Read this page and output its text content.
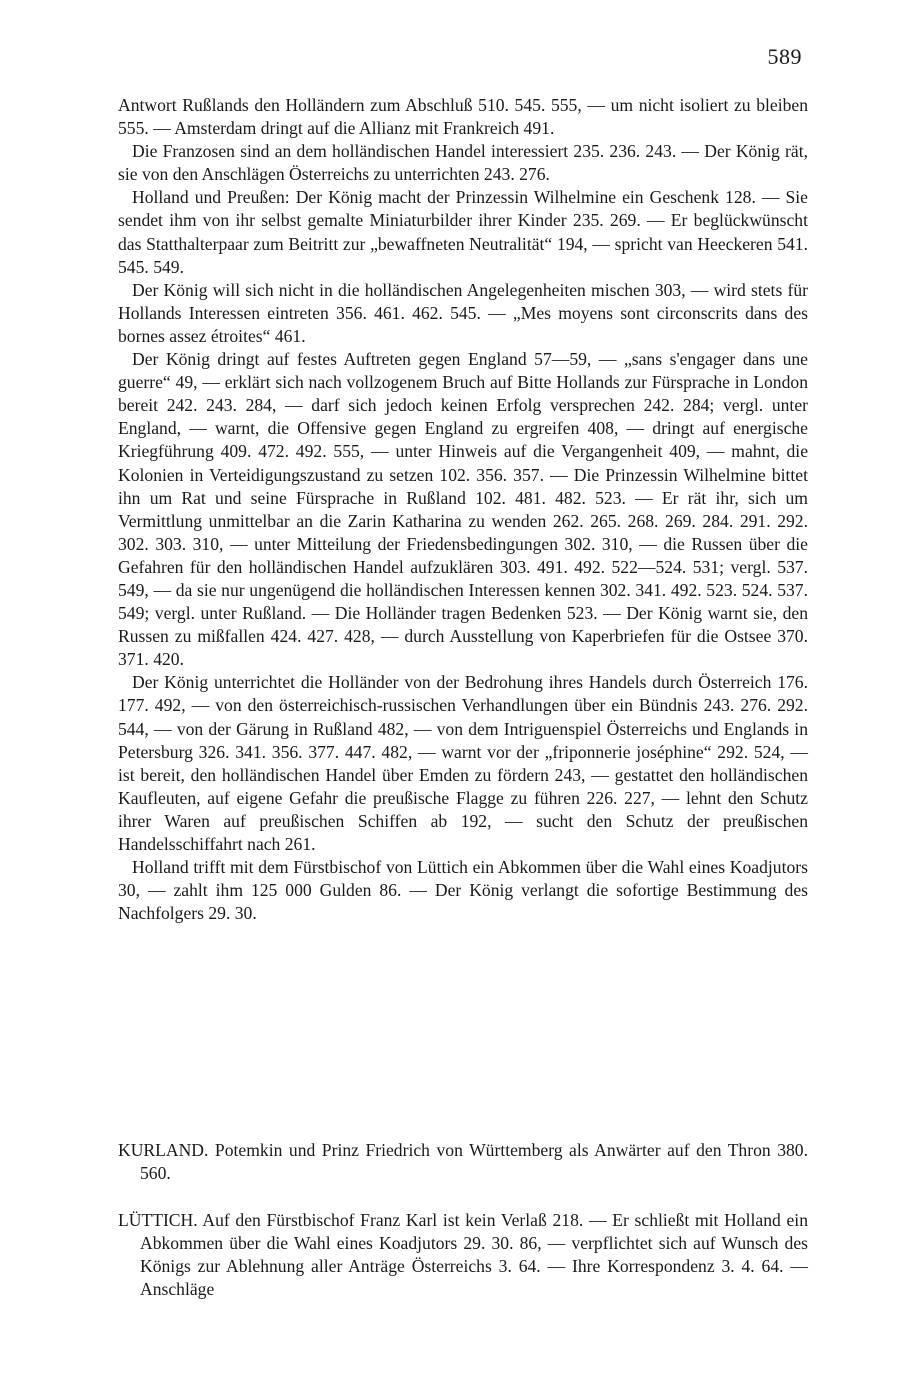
589

Antwort Rußlands den Holländern zum Abschluß 510. 545. 555, — um nicht isoliert zu bleiben 555. — Amsterdam dringt auf die Allianz mit Frankreich 491.

Die Franzosen sind an dem holländischen Handel interessiert 235. 236. 243. — Der König rät, sie von den Anschlägen Österreichs zu unterrichten 243. 276.

Holland und Preußen: Der König macht der Prinzessin Wilhelmine ein Geschenk 128. — Sie sendet ihm von ihr selbst gemalte Miniaturbilder ihrer Kinder 235. 269. — Er beglückwünscht das Statthalterpaar zum Beitritt zur „bewaffneten Neutralität“ 194, — spricht van Heeckeren 541. 545. 549.

Der König will sich nicht in die holländischen Angelegenheiten mischen 303, — wird stets für Hollands Interessen eintreten 356. 461. 462. 545. — „Mes moyens sont circonscrits dans des bornes assez étroites“ 461.

Der König dringt auf festes Auftreten gegen England 57—59, — „sans s'engager dans une guerre“ 49, — erklärt sich nach vollzogenem Bruch auf Bitte Hollands zur Fürsprache in London bereit 242. 243. 284, — darf sich jedoch keinen Erfolg versprechen 242. 284; vergl. unter England, — warnt, die Offensive gegen England zu ergreifen 408, — dringt auf energische Kriegführung 409. 472. 492. 555, — unter Hinweis auf die Vergangenheit 409, — mahnt, die Kolonien in Verteidigungszustand zu setzen 102. 356. 357. — Die Prinzessin Wilhelmine bittet ihn um Rat und seine Fürsprache in Rußland 102. 481. 482. 523. — Er rät ihr, sich um Vermittlung unmittelbar an die Zarin Katharina zu wenden 262. 265. 268. 269. 284. 291. 292. 302. 303. 310, — unter Mitteilung der Friedensbedingungen 302. 310, — die Russen über die Gefahren für den holländischen Handel aufzuklären 303. 491. 492. 522—524. 531; vergl. 537. 549, — da sie nur ungenügend die holländischen Interessen kennen 302. 341. 492. 523. 524. 537. 549; vergl. unter Rußland. — Die Holländer tragen Bedenken 523. — Der König warnt sie, den Russen zu mißfallen 424. 427. 428, — durch Ausstellung von Kaperbriefen für die Ostsee 370. 371. 420.

Der König unterrichtet die Holländer von der Bedrohung ihres Handels durch Österreich 176. 177. 492, — von den österreichisch-russischen Verhandlungen über ein Bündnis 243. 276. 292. 544, — von der Gärung in Rußland 482, — von dem Intriguenspiel Österreichs und Englands in Petersburg 326. 341. 356. 377. 447. 482, — warnt vor der „friponnerie joséphine“ 292. 524, — ist bereit, den holländischen Handel über Emden zu fördern 243, — gestattet den holländischen Kaufleuten, auf eigene Gefahr die preußische Flagge zu führen 226. 227, — lehnt den Schutz ihrer Waren auf preußischen Schiffen ab 192, — sucht den Schutz der preußischen Handelsschiffahrt nach 261.

Holland trifft mit dem Fürstbischof von Lüttich ein Abkommen über die Wahl eines Koadjutors 30, — zahlt ihm 125 000 Gulden 86. — Der König verlangt die sofortige Bestimmung des Nachfolgers 29. 30.

KURLAND. Potemkin und Prinz Friedrich von Württemberg als Anwärter auf den Thron 380. 560.

LÜTTICH. Auf den Fürstbischof Franz Karl ist kein Verlaß 218. — Er schließt mit Holland ein Abkommen über die Wahl eines Koadjutors 29. 30. 86, — verpflichtet sich auf Wunsch des Königs zur Ablehnung aller Anträge Österreichs 3. 64. — Ihre Korrespondenz 3. 4. 64. — Anschläge
